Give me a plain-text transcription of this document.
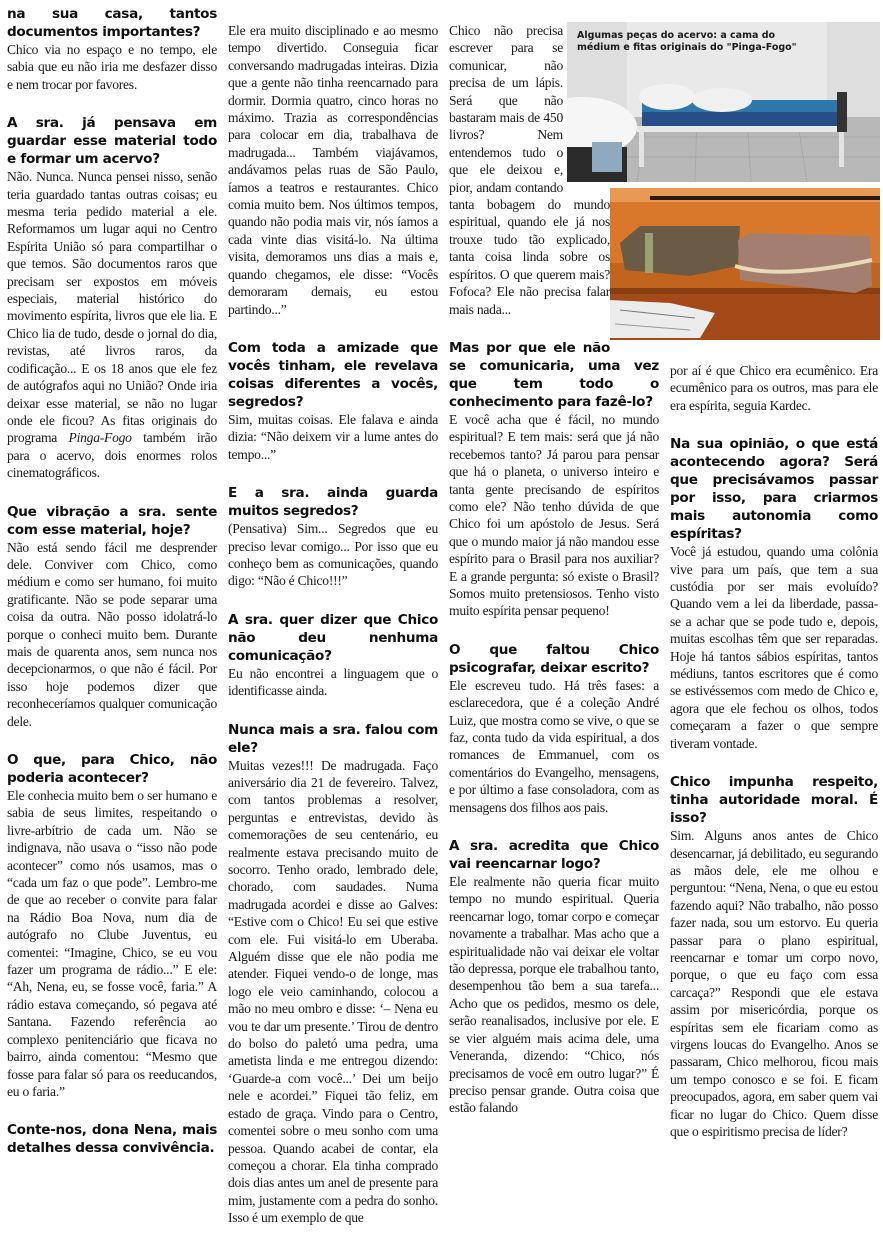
na sua casa, tantos documentos importantes?

Chico via no espaço e no tempo, ele sabia que eu não iria me desfazer disso e nem trocar por favores.

A sra. já pensava em guardar esse material todo e formar um acervo?

Não. Nunca. Nunca pensei nisso, senão teria guardado tantas outras coisas; eu mesma teria pedido material a ele. Reformamos um lugar aqui no Centro Espírita União só para compartilhar o que temos. São documentos raros que precisam ser expostos em móveis especiais, material histórico do movimento espírita, livros que ele lia. E Chico lia de tudo, desde o jornal do dia, revistas, até livros raros, da codificação... E os 18 anos que ele fez de autógrafos aqui no União? Onde iria deixar esse material, se não no lugar onde ele ficou? As fitas originais do programa Pinga-Fogo também irão para o acervo, dois enormes rolos cinematográficos.

Que vibração a sra. sente com esse material, hoje?

Não está sendo fácil me desprender dele. Conviver com Chico, como médium e como ser humano, foi muito gratificante. Não se pode separar uma coisa da outra. Não posso idolatrá-lo porque o conheci muito bem. Durante mais de quarenta anos, sem nunca nos decepcionarmos, o que não é fácil. Por isso hoje podemos dizer que reconheceríamos qualquer comunicação dele.

O que, para Chico, não poderia acontecer?

Ele conhecia muito bem o ser humano e sabia de seus limites, respeitando o livre-arbítrio de cada um. Não se indignava, não usava o “isso não pode acontecer” como nós usamos, mas o “cada um faz o que pode”. Lembro-me de que ao receber o convite para falar na Rádio Boa Nova, num dia de autógrafo no Clube Juventus, eu comentei: “Imagine, Chico, se eu vou fazer um programa de rádio...” E ele: “Ah, Nena, eu, se fosse você, faria.” A rádio estava começando, só pegava até Santana. Fazendo referência ao complexo penitenciário que ficava no bairro, ainda comentou: “Mesmo que fosse para falar só para os reeducandos, eu o faria.”

Conte-nos, dona Nena, mais detalhes dessa convivência.

Ele era muito disciplinado e ao mesmo tempo divertido. Conseguia ficar conversando madrugadas inteiras. Dizia que a gente não tinha reencarnado para dormir. Dormia quatro, cinco horas no máximo. Trazia as correspondências para colocar em dia, trabalhava de madrugada... Também viajávamos, andávamos pelas ruas de São Paulo, íamos a teatros e restaurantes. Chico comia muito bem. Nos últimos tempos, quando não podia mais vir, nós íamos a cada vinte dias visitá-lo. Na última visita, demoramos uns dias a mais e, quando chegamos, ele disse: “Vocês demoraram demais, eu estou partindo...”

Com toda a amizade que vocês tinham, ele revelava coisas diferentes a vocês, segredos?

Sim, muitas coisas. Ele falava e ainda dizia: “Não deixem vir a lume antes do tempo...”

E a sra. ainda guarda muitos segredos?

(Pensativa) Sim... Segredos que eu preciso levar comigo... Por isso que eu conheço bem as comunicações, quando digo: “Não é Chico!!!”

A sra. quer dizer que Chico não deu nenhuma comunicação?

Eu não encontrei a linguagem que o identificasse ainda.

Nunca mais a sra. falou com ele?

Muitas vezes!!! De madrugada. Faço aniversário dia 21 de fevereiro. Talvez, com tantos problemas a resolver, perguntas e entrevistas, devido às comemorações de seu centenário, eu realmente estava precisando muito de socorro. Tenho orado, lembrado dele, chorado, com saudades. Numa madrugada acordei e disse ao Galves: “Estive com o Chico! Eu sei que estive com ele. Fui visitá-lo em Uberaba. Alguém disse que ele não podia me atender. Fiquei vendo-o de longe, mas logo ele veio caminhando, colocou a mão no meu ombro e disse: ‘– Nena eu vou te dar um presente.’ Tirou de dentro do bolso do paletó uma pedra, uma ametista linda e me entregou dizendo: ‘Guarde-a com você...’ Dei um beijo nele e acordei.” Fiquei tão feliz, em estado de graça. Vindo para o Centro, comentei sobre o meu sonho com uma pessoa. Quando acabei de contar, ela começou a chorar. Ela tinha comprado dois dias antes um anel de presente para mim, justamente com a pedra do sonho. Isso é um exemplo de que

Chico não precisa escrever para se comunicar, não precisa de um lápis. Será que não bastaram mais de 450 livros? Nem entendemos tudo o que ele deixou e, pior, andam contando tanta bobagem do mundo espiritual, quando ele já nos trouxe tudo tão explicado, tanta coisa linda sobre os espíritos. O que querem mais? Fofoca? Ele não precisa falar mais nada...

Mas por que ele não se comunicaria, uma vez que tem todo o conhecimento para fazê-lo?

E você acha que é fácil, no mundo espiritual? E tem mais: será que já não recebemos tanto? Já parou para pensar que há o planeta, o universo inteiro e tanta gente precisando de espíritos como ele? Não tenho dúvida de que Chico foi um apóstolo de Jesus. Será que o mundo maior já não mandou esse espírito para o Brasil para nos auxiliar? E a grande pergunta: só existe o Brasil? Somos muito pretensiosos. Tenho visto muito espírita pensar pequeno!

O que faltou Chico psicografar, deixar escrito?

Ele escreveu tudo. Há três fases: a esclarecedora, que é a coleção André Luiz, que mostra como se vive, o que se faz, conta tudo da vida espiritual, a dos romances de Emmanuel, com os comentários do Evangelho, mensagens, e por último a fase consoladora, com as mensagens dos filhos aos pais.

A sra. acredita que Chico vai reencarnar logo?

Ele realmente não queria ficar muito tempo no mundo espiritual. Queria reencarnar logo, tomar corpo e começar novamente a trabalhar. Mas acho que a espiritualidade não vai deixar ele voltar tão depressa, porque ele trabalhou tanto, desempenhou tão bem a sua tarefa... Acho que os pedidos, mesmo os dele, serão reanalisados, inclusive por ele. E se vier alguém mais acima dele, uma Veneranda, dizendo: “Chico, nós precisamos de você em outro lugar?” É preciso pensar grande. Outra coisa que estão falando

por aí é que Chico era ecumênico. Era ecumênico para os outros, mas para ele era espírita, seguia Kardec.

Na sua opinião, o que está acontecendo agora? Será que precisávamos passar por isso, para criarmos mais autonomia como espíritas?

Você já estudou, quando uma colônia vive para um país, que tem a sua custódia por ser mais evoluído? Quando vem a lei da liberdade, passa-se a achar que se pode tudo e, depois, muitas escolhas têm que ser reparadas. Hoje há tantos sábios espíritas, tantos médiuns, tantos escritores que é como se estivéssemos com medo de Chico e, agora que ele fechou os olhos, todos começaram a fazer o que sempre tiveram vontade.

Chico impunha respeito, tinha autoridade moral. É isso?

Sim. Alguns anos antes de Chico desencarnar, já debilitado, eu segurando as mãos dele, ele me olhou e perguntou: “Nena, Nena, o que eu estou fazendo aqui? Não trabalho, não posso fazer nada, sou um estorvo. Eu queria passar para o plano espiritual, reencarnar e tomar um corpo novo, porque, o que eu faço com essa carcaça?” Respondi que ele estava assim por misericórdia, porque os espíritas sem ele ficariam como as virgens loucas do Evangelho. Anos se passaram, Chico melhorou, ficou mais um tempo conosco e se foi. E ficam preocupados, agora, em saber quem vai ficar no lugar do Chico. Quem disse que o espiritismo precisa de líder?

Algumas peças do acervo: a cama do médium e fitas originais do "Pinga-Fogo"
